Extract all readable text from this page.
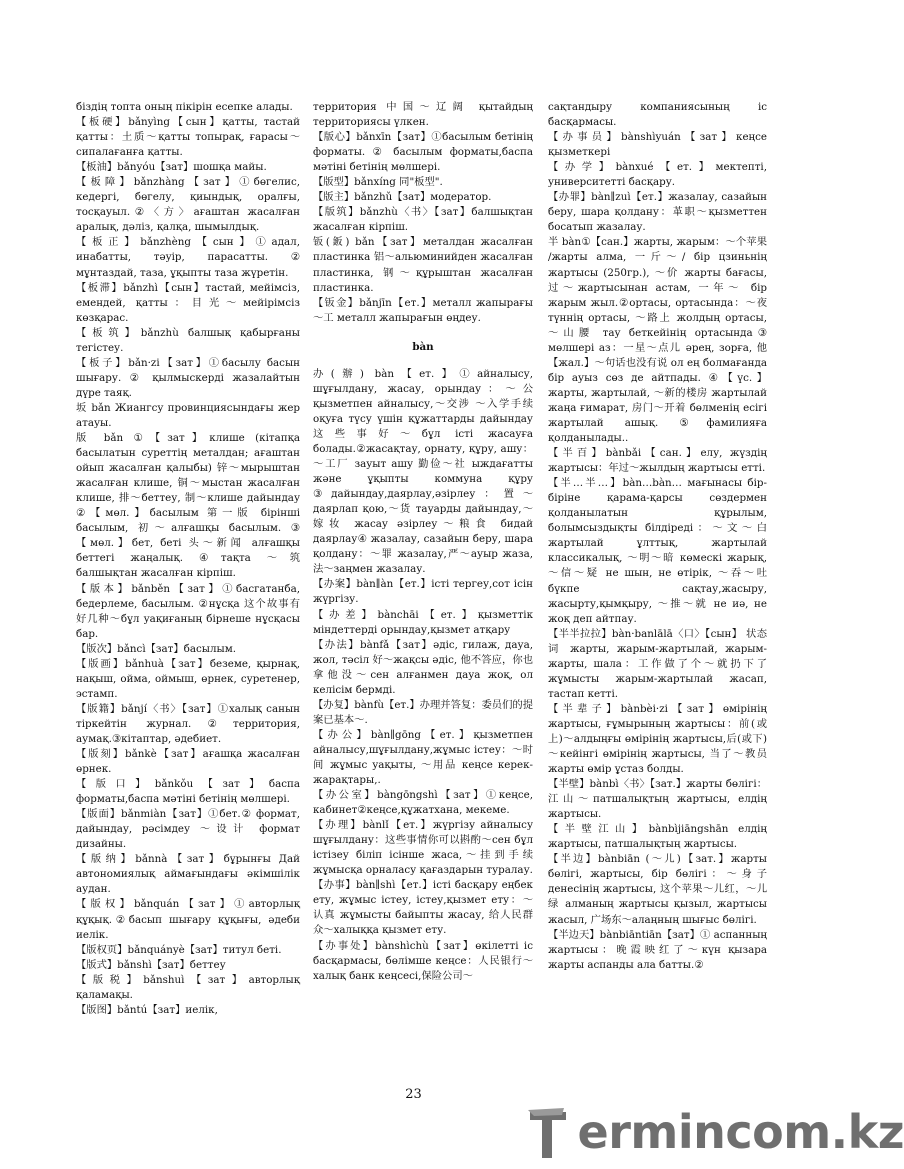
біздің топта оның пікірін есепке алады.

【板硬】bǎnyìng【сын】қатты, тастай қатты：土质～қатты топырақ, ғарасы～сипалағанға қатты.

【板油】bǎnyóu【зат】шошқа майы.

【板障】bǎnzhàng【зат】①бөгелис, кедергі, бөгелу, қиындық, оралғы, тосқауыл.②〈方〉ағаштан жасалған аралық, дәліз, қалқа, шымылдық.

【板正】bǎnzhèng【сын】①адал, инабатты, тәуір, парасатты. ② мұнтаздай, таза, ұқыпты таза жүретін.

【板滞】bǎnzhì【сын】тастай, мейімсіз, емендей, қатты：目光～мейірімсіз көзқарас.

【板筑】bǎnzhù балшық қабырғаны тегістеу.

【板子】bǎn·zi【зат】①басылу басын шығару. ② қылмыскерді жазалайтын дүре таяқ.

坂 bǎn Жиангсу провинциясындағы жер атауы.

版 bǎn ①【зат】клише (кітапқа басылатын суреттің металдан; ағаштан ойып жасалған қалыбы) 锌～мырыштан жасалған клише, 铜～мыстан жасалған клише, 排～беттеу, 制～клише дайындау ②【мөл.】басылым 第一版 бірінші басылым, 初～алғашқы басылым. ③【мөл.】бет, беті 头～新闻 алғашқы беттегі жаңалық. ④тақта ～筑 балшықтан жасалған кірпіш.

【版本】bǎnběn【зат】①басгатанба, бедерлеме, басылым. ②нұсқа 这个故事有好几种～бұл уақиғаның бірнеше нұсқасы бар.

【版次】bǎncì【зат】басылым.

【版画】bǎnhuà【зат】беземе, қырнақ, нақыш, ойма, оймыш, өрнек, суретенер, эстамп.

【版籍】bǎnjí〈书〉【зат】①халық санын тіркейтін журнал.②территория, аумақ.③кітаптар, әдебиет.

【版刻】bǎnkè【зат】ағашқа жасалған өрнек.

【版口】bǎnkǒu【зат】баспа форматы,баспа мәтіні бетінің мөлшері.

【版面】bǎnmiàn【зат】①бет.② формат, дайындау, рәсімдеу ～设计 формат дизайны.

【版纳】bǎnnà【зат】бұрынғы Дай автономиялық аймағындағы әкімшілік аудан.

【版权】bǎnquán【зат】①авторлық құқық.②басып шығару құқығы, әдеби иелік.

【版权页】bǎnquányè【зат】титул беті.

【版式】bǎnshì【зат】беттеу

【版税】bǎnshuì【зат】авторлық қаламақы.

【版图】bǎntú【зат】иелік,

территория 中国～辽阔 қытайдың территориясы үлкен.

【版心】bǎnxīn【зат】①басылым бетінің форматы. ② басылым форматы,баспа мәтіні бетінің мөлшері.

【版型】bǎnxíng 同"板型".

【版主】bǎnzhǔ【зат】модератор.

【版筑】bǎnzhù〈书〉【зат】балшықтан жасалған кірпіш.

钣(鈑) bǎn【зат】металдан жасалған пластинка 铝～альюминийден жасалған пластинка, 钢～құрыштан жасалған пластинка.

【钣金】bǎnjīn【ет.】металл жапырағы ～工 металл жапырағын өңдеу.

bàn

办(辦) bàn【ет.】①айналысу, шұғылдану, жасау, орындау：～公 қызметпен айналысу,～交涉 ～入学手续 оқуға түсу үшін құжаттарды дайындау 这些事好～бұл істі жасауға болады.②жасақтау, орнату, құру, ашу：～工厂 зауыт ашу 勤俭～社 ыждағатты және ұқыпты коммуна құру ③дайындау,даярлау,әзірлеу：置～даярлап қою,～货 тауарды дайындау,～嫁妆 жасау әзірлеу～粮食 бидай даярлау④ жазалау, сазайын беру, шара қолдану：～罪 жазалау,严～ауыр жаза, 法～заңмен жазалау.

【办案】bàn∥àn【ет.】істі тергеу,сот ісін жүргізу.

【办差】bànchāi【ет.】қызметтік міндеттерді орындау,қызмет атқару

【办法】bànfǎ【зат】әдіс, гилаж, дауа, жол, тәсіл 好～жақсы әдіс, 他不答应，你也拿他没～сен алғанмен дауа жоқ, ол келісім бермді.

【办复】bànfù【ет.】办理并答复：委员们的提案已基本～.

【办公】bàn∥gōng【ет.】қызметпен айналысу,шұғылдану,жұмыс істеу：～时间 жұмыс уақыты, ～用品 кеңсе керек-жарақтары,.

【办公室】bàngōngshì【зат】①кеңсе, кабинет②кеңсе,құжатхана, мекеме.

【办理】bànlǐ【ет.】жүргізу айналысу шұғылдану：这些事情你可以斟酌～сен бұл істізеу біліп ісінше жаса,～挂到手续 жұмысқа орналасу қағаздарын туралау.

【办事】bàn∥shì【ет.】істі басқару еңбек ету, жұмыс істеу, істеу,қызмет ету：～认真 жұмысты байыпты жасау, 给人民群众～халыққа қызмет ету.

【办事处】bànshìchù【зат】өкілетті іс басқармасы, бөлімше кеңсе：人民银行～халық банк кеңсесі,保险公司～

сақтандыру компаниясының іс басқармасы.

【办事员】bànshìyuán【зат】кеңсе қызметкері

【办学】bànxué【ет.】мектепті, университетті басқару.

【办罪】bàn∥zuì【ет.】жазалау, сазайын беру, шара қолдану：革职～қызметтен босатып жазалау.

半 bàn①【сан.】жарты, жарым：～个苹果 /жарты алма, 一斤～/ бір цзиньнің жартысы (250гр.), ～价 жарты бағасы, 过～жартысынан астам, 一年～ бір жарым жыл.②ортасы, ортасында：～夜 түннің ортасы, ～路上 жолдың ортасы, ～山腰 тау беткейінің ортасында③ мөлшері аз：一星～点儿 әрең, зорға, 他【жал.】～句话也没有说 ол ең болмағанда бір ауыз сөз де айтпады. ④【үс.】жарты, жартылай, ～新的楼房 жартылай жаңа ғимарат, 房门～开着 бөлменің есігі жартылай ашық. ⑤фамилияға қолданылады..

【半百】bànbǎi【сан.】елу, жүздің жартысы：年过～жылдың жартысы етті.

【半…半…】bàn…bàn… мағынасы бір-біріне қарама-қарсы сөздермен қолданылатын құрылым, болымсыздықты білдіреді：～文～白 жартылай ұлттық, жартылай классикалық, ～明～暗 көмескі жарық, ～信～疑 не шын, не өтірік, ～吞～吐 бүкпе сақтау,жасыру, жасырту,қымқыру, ～推～就 не иә, не жоқ деп айтпау.

【半半拉拉】bàn·banlālā〈口〉【сын】 状态词 жарты, жарым-жартылай, жарым-жарты, шала：工作做了个～就扔下了 жұмысты жарым-жартылай жасап, тастап кетті.

【半辈子】bànbèi·zi【зат】өмірінің жартысы, ғұмырының жартысы：前(或上)～алдыңғы өмірінің жартысы,后(或下)～кейінгі өмірінің жартысы, 当了～教员 жарты өмір ұстаз болды.

【半壁】bànbì〈书〉【зат.】жарты бөлігі：江山～патшалықтың жартысы, елдің жартысы.

【半壁江山】bànbìjiāngshān елдің жартысы, патшалықтың жартысы.

【半边】bànbiān (～儿)【зат.】жарты бөлігі, жартысы, бір бөлігі：～身子 денесінің жартысы, 这个苹果～儿红，～儿绿 алманың жартысы қызыл, жартысы жасыл, 广场东～алаңның шығыс бөлігі.

【半边天】bànbiāntiān【зат】① аспанның жартысы：晚霞映红了～күн қызара жарты аспанды ала батты.②

23
ermincom.kz
